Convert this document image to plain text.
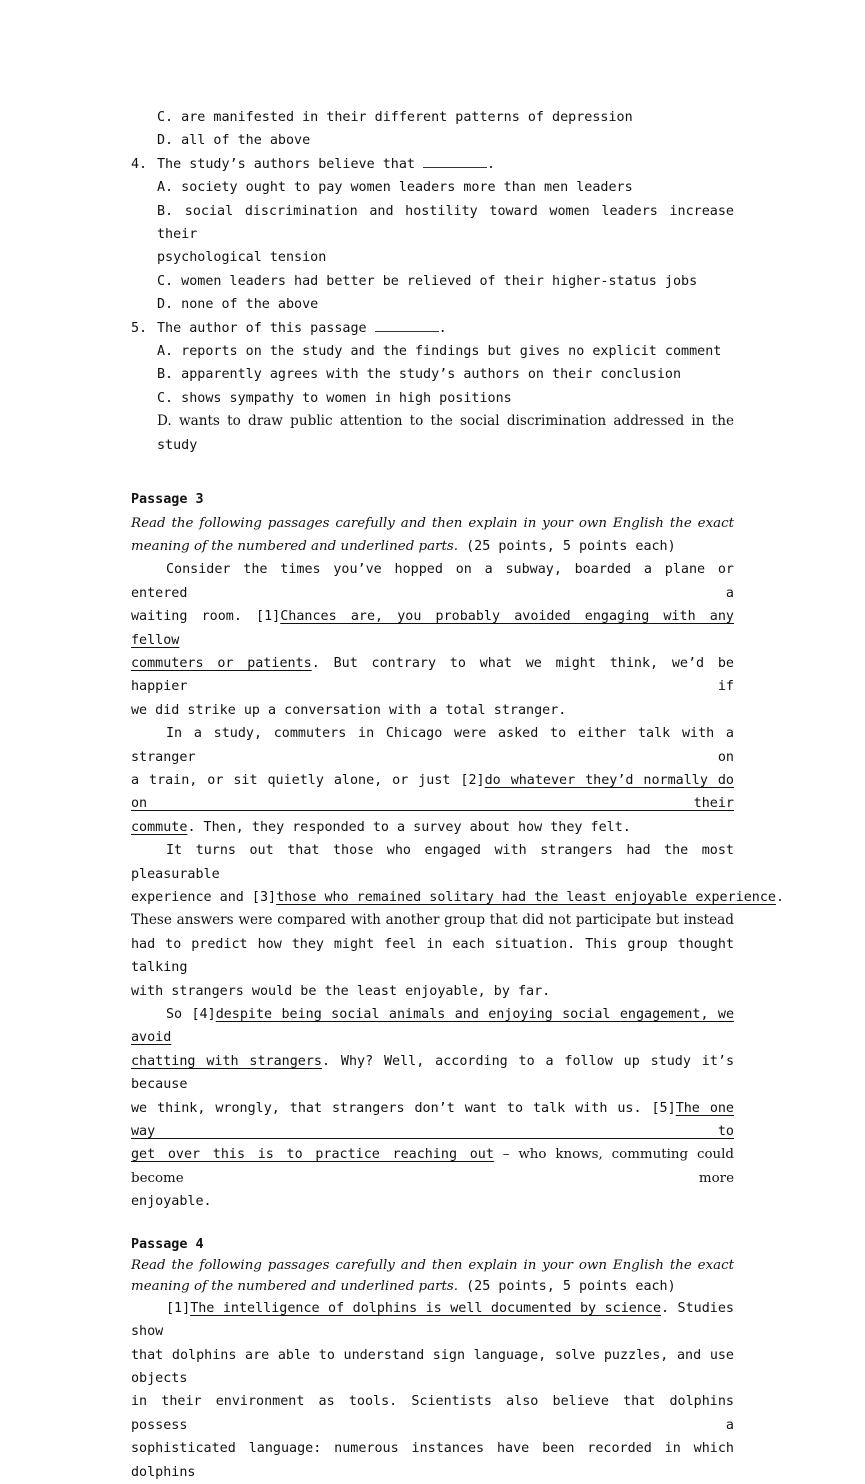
C. are manifested in their different patterns of depression
D. all of the above
4. The study’s authors believe that	.
A. society ought to pay women leaders more than men leaders
B. social discrimination and hostility toward women leaders increase their
psychological tension
C. women leaders had better be relieved of their higher-status jobs
D. none of the above
5. The author of this passage	.
A. reports on the study and the findings but gives no explicit comment
B. apparently agrees with the study’s authors on their conclusion
C. shows sympathy to women in high positions
D. wants to draw public attention to the social discrimination addressed in the
study
Passage 3
Read the following passages carefully and then explain in your own English the exact
meaning of the numbered and underlined parts. (25 points, 5 points each)
Consider the times you’ve hopped on a subway, boarded a plane or entered a
waiting room. [1]Chances are, you probably avoided engaging with any fellow
commuters or patients. But contrary to what we might think, we’d be happier if
we did strike up a conversation with a total stranger.
In a study, commuters in Chicago were asked to either talk with a stranger on
a train, or sit quietly alone, or just [2]do whatever they’d normally do on their
commute. Then, they responded to a survey about how they felt.
It turns out that those who engaged with strangers had the most pleasurable
experience and [3]those who remained solitary had the least enjoyable experience.
These answers were compared with another group that did not participate but instead
had to predict how they might feel in each situation. This group thought talking
with strangers would be the least enjoyable, by far.
So [4]despite being social animals and enjoying social engagement, we avoid
chatting with strangers. Why? Well, according to a follow up study it’s because
we think, wrongly, that strangers don’t want to talk with us. [5]The one way to
get over this is to practice reaching out – who knows, commuting could become more
enjoyable.
Passage 4
Read the following passages carefully and then explain in your own English the exact
meaning of the numbered and underlined parts. (25 points, 5 points each)
[1]The intelligence of dolphins is well documented by science. Studies show
that dolphins are able to understand sign language, solve puzzles, and use objects
in their environment as tools. Scientists also believe that dolphins possess a
sophisticated language: numerous instances have been recorded in which dolphins
